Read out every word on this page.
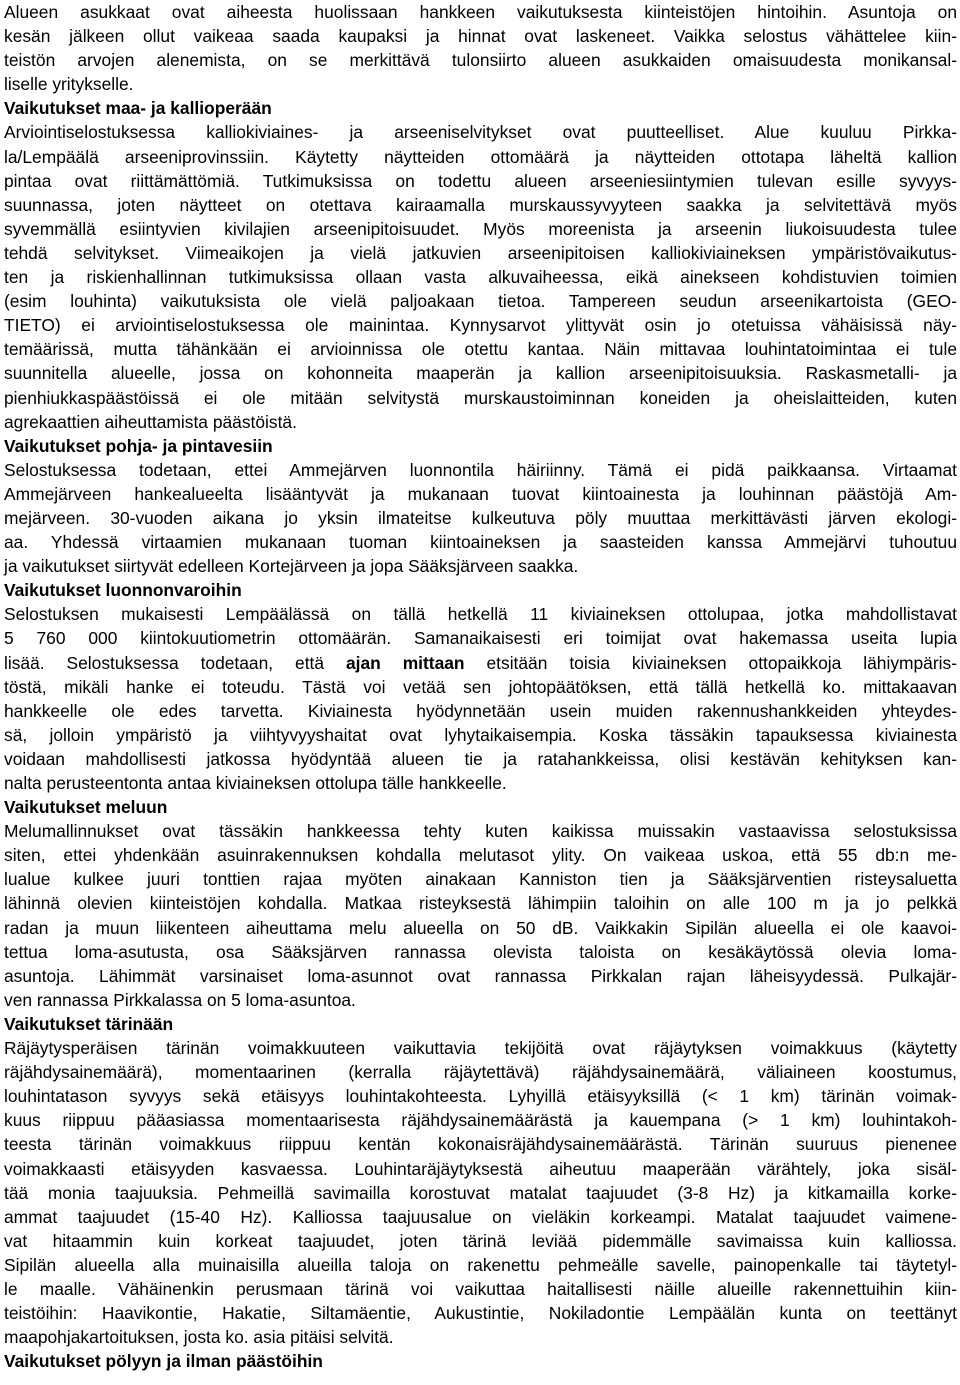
Alueen asukkaat ovat aiheesta huolissaan hankkeen vaikutuksesta kiinteistöjen hintoihin. Asuntoja on
kesän jälkeen ollut vaikeaa saada kaupaksi ja hinnat ovat laskeneet. Vaikka selostus vähättelee kiin-
teistön arvojen alenemista, on se merkittävä tulonsiirto alueen asukkaiden omaisuudesta monikansal-
liselle yritykselle.
Vaikutukset maa- ja kallioperään
Arviointiselostuksessa kalliokiviaines- ja arseeniselvitykset ovat puutteelliset. Alue kuuluu Pirkka-
la/Lempäälä arseeniprovinssiin. Käytetty näytteiden ottomäärä ja näytteiden ottotapa läheltä kallion
pintaa ovat riittämättömiä. Tutkimuksissa on todettu alueen arseeniesiintymien tulevan esille syvyys-
suunnassa, joten näytteet on otettava kairaamalla murskaussyvyyteen saakka ja selvitettävä myös
syvemmällä esiintyvien kivilajien arseenipitoisuudet. Myös moreenista ja arseenin liukoisuudesta tulee
tehdä selvitykset. Viimeaikojen ja vielä jatkuvien arseenipitoisen kalliokiviaineksen ympäristövaikutus-
ten ja riskienhallinnan tutkimuksissa ollaan vasta alkuvaiheessa, eikä ainekseen kohdistuvien toimien
(esim louhinta) vaikutuksista ole vielä paljoakaan tietoa. Tampereen seudun arseenikartoista (GEO-
TIETO) ei arviointiselostuksessa ole mainintaa. Kynnysarvot ylittyvät osin jo otetuissa vähäisissä näy-
temäärissä, mutta tähänkään ei arvioinnissa ole otettu kantaa. Näin mittavaa louhintatoimintaa ei tule
suunnitella alueelle, jossa on kohonneita maaperän ja kallion arseenipitoisuuksia. Raskasmetalli- ja
pienhiukkaspäästöissä ei ole mitään selvitystä murskaustoiminnan koneiden ja oheislaitteiden, kuten
agrekaattien aiheuttamista päästöistä.
Vaikutukset pohja- ja pintavesiin
Selostuksessa todetaan, ettei Ammejärven luonnontila häiriinny. Tämä ei pidä paikkaansa. Virtaamat
Ammejärveen hankealueelta lisääntyvät ja mukanaan tuovat kiintoainesta ja louhinnan päästöjä Am-
mejärveen. 30-vuoden aikana jo yksin ilmateitse kulkeutuva pöly muuttaa merkittävästi järven ekologi-
aa. Yhdessä virtaamien mukanaan tuoman kiintoaineksen ja saasteiden kanssa Ammejärvi tuhoutuu
ja vaikutukset siirtyvät edelleen Kortejärveen ja jopa Sääksjärveen saakka.
Vaikutukset luonnonvaroihin
Selostuksen mukaisesti Lempäälässä on tällä hetkellä 11 kiviaineksen ottolupaa, jotka mahdollistavat
5 760 000 kiintokuutiometrin ottomäärän. Samanaikaisesti eri toimijat ovat hakemassa useita lupia
lisää. Selostuksessa todetaan, että ajan mittaan etsitään toisia kiviaineksen ottopaikkoja lähiympäris-
töstä, mikäli hanke ei toteudu. Tästä voi vetää sen johtopäätöksen, että tällä hetkellä ko. mittakaavan
hankkeelle ole edes tarvetta. Kiviainesta hyödynnetään usein muiden rakennushankkeiden yhteydes-
sä, jolloin ympäristö ja viihtyvyyshaitat ovat lyhytaikaisempia. Koska tässäkin tapauksessa kiviainesta
voidaan mahdollisesti jatkossa hyödyntää alueen tie ja ratahankkeissa, olisi kestävän kehityksen kan-
nalta perusteentonta antaa kiviaineksen ottolupa tälle hankkeelle.
Vaikutukset meluun
Melumallinnukset ovat tässäkin hankkeessa tehty kuten kaikissa muissakin vastaavissa selostuksissa
siten, ettei yhdenkään asuinrakennuksen kohdalla melutasot ylity. On vaikeaa uskoa, että 55 db:n me-
lualue kulkee juuri tonttien rajaa myöten ainakaan Kanniston tien ja Sääksjärventien risteysaluetta
lähinnä olevien kiinteistöjen kohdalla. Matkaa risteyksestä lähimpiin taloihin on alle 100 m ja jo pelkkä
radan ja muun liikenteen aiheuttama melu alueella on 50 dB. Vaikkakin Sipilän alueella ei ole kaavoi-
tettua loma-asutusta, osa Sääksjärven rannassa olevista taloista on kesäkäytössä olevia loma-
asuntoja. Lähimmät varsinaiset loma-asunnot ovat rannassa Pirkkalan rajan läheisyydessä. Pulkajär-
ven rannassa Pirkkalassa on 5 loma-asuntoa.
Vaikutukset tärinään
Räjäytysperäisen tärinän voimakkuuteen vaikuttavia tekijöitä ovat räjäytyksen voimakkuus (käytetty
räjähdysainemäärä), momentaarinen (kerralla räjäytettävä) räjähdysainemäärä, väliaineen koostumus,
louhintatason syvyys sekä etäisyys louhintakohteesta. Lyhyillä etäisyyksillä (< 1 km) tärinän voimak-
kuus riippuu pääasiassa momentaarisesta räjähdysainemäärästä ja kauempana (> 1 km) louhintakoh-
teesta tärinän voimakkuus riippuu kentän kokonaisräjähdysainemäärästä. Tärinän suuruus pienenee
voimakkaasti etäisyyden kasvaessa. Louhintaräjäytyksestä aiheutuu maaperään värähtely, joka sisäl-
tää monia taajuuksia. Pehmeillä savimailla korostuvat matalat taajuudet (3-8 Hz) ja kitkamailla korke-
ammat taajuudet (15-40 Hz). Kalliossa taajuusalue on vieläkin korkeampi. Matalat taajuudet vaimene-
vat hitaammin kuin korkeat taajuudet, joten tärinä leviää pidemmälle savimaissa kuin kalliossa.
Sipilän alueella alla muinaisilla alueilla taloja on rakenettu pehmeälle savelle, painopenkalle tai täytetyl-
le maalle. Vähäinenkin perusmaan tärinä voi vaikuttaa haitallisesti näille alueille rakennettuihin kiin-
teistöihin: Haavikontie, Hakatie, Siltamäentie, Aukustintie, Nokiladontie Lempäälän kunta on teettänyt
maapohjakartoituksen, josta ko. asia pitäisi selvitä.
Vaikutukset pölyyn ja ilman päästöihin
